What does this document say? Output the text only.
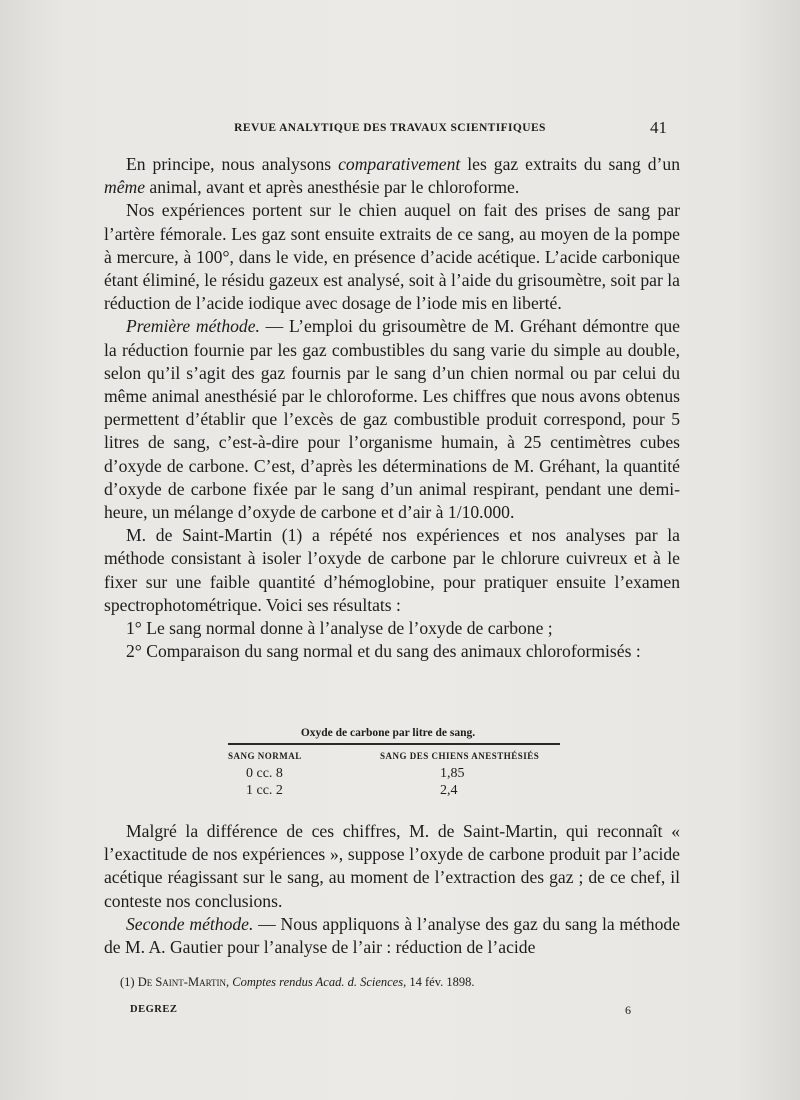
REVUE ANALYTIQUE DES TRAVAUX SCIENTIFIQUES	41

En principe, nous analysons comparativement les gaz extraits du sang d’un même animal, avant et après anesthésie par le chloroforme.

Nos expériences portent sur le chien auquel on fait des prises de sang par l’artère fémorale. Les gaz sont ensuite extraits de ce sang, au moyen de la pompe à mercure, à 100°, dans le vide, en présence d’acide acétique. L’acide carbonique étant éliminé, le résidu gazeux est analysé, soit à l’aide du grisoumètre, soit par la réduction de l’acide iodique avec dosage de l’iode mis en liberté.

Première méthode. — L’emploi du grisoumètre de M. Gréhant démontre que la réduction fournie par les gaz combustibles du sang varie du simple au double, selon qu’il s’agit des gaz fournis par le sang d’un chien normal ou par celui du même animal anesthésié par le chloroforme. Les chiffres que nous avons obtenus permettent d’établir que l’excès de gaz combustible produit correspond, pour 5 litres de sang, c’est-à-dire pour l’organisme humain, à 25 centimètres cubes d’oxyde de carbone. C’est, d’après les déterminations de M. Gréhant, la quantité d’oxyde de carbone fixée par le sang d’un animal respirant, pendant une demi-heure, un mélange d’oxyde de carbone et d’air à 1/10.000.

M. de Saint-Martin (1) a répété nos expériences et nos analyses par la méthode consistant à isoler l’oxyde de carbone par le chlorure cuivreux et à le fixer sur une faible quantité d’hémoglobine, pour pratiquer ensuite l’examen spectrophotométrique. Voici ses résultats :

1° Le sang normal donne à l’analyse de l’oxyde de carbone ;

2° Comparaison du sang normal et du sang des animaux chloroformisés :

Oxyde de carbone par litre de sang.
SANG NORMAL
0 cc. 8
1 cc. 2
SANG DES CHIENS ANESTHÉSIÉS
1,85
2,4

Malgré la différence de ces chiffres, M. de Saint-Martin, qui reconnaît « l’exactitude de nos expériences », suppose l’oxyde de carbone produit par l’acide acétique réagissant sur le sang, au moment de l’extraction des gaz ; de ce chef, il conteste nos conclusions.

Seconde méthode. — Nous appliquons à l’analyse des gaz du sang la méthode de M. A. Gautier pour l’analyse de l’air : réduction de l’acide

(1) De Saint-Martin, Comptes rendus Acad. d. Sciences, 14 fév. 1898.
DEGREZ	6
